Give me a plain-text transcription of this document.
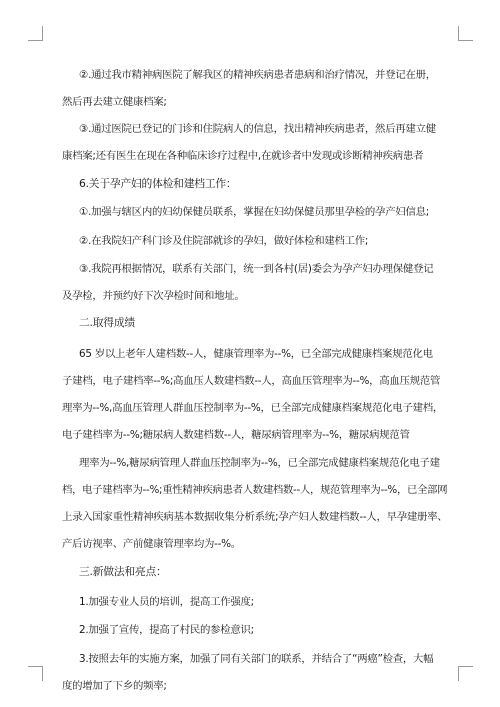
②.通过我市精神病医院了解我区的精神疾病患者患病和治疗情况，并登记在册，
然后再去建立健康档案;
③.通过医院已登记的门诊和住院病人的信息，找出精神疾病患者，然后再建立健
康档案;还有医生在现在各种临床诊疗过程中,在就诊者中发现或诊断精神疾病患者
6.关于孕产妇的体检和建档工作：
①.加强与辖区内的妇幼保健员联系，掌握在妇幼保健员那里孕检的孕产妇信息;
②.在我院妇产科门诊及住院部就诊的孕妇，做好体检和建档工作;
③.我院再根据情况，联系有关部门，统一到各村(居)委会为孕产妇办理保健登记
及孕检，并预约好下次孕检时间和地址。
二.取得成绩
65 岁以上老年人建档数--人，健康管理率为--%，已全部完成健康档案规范化电
子建档，电子建档率--%;高血压人数建档数--人，高血压管理率为--%，高血压规范管
理率为--%,高血压管理人群血压控制率为--%，已全部完成健康档案规范化电子建档，
电子建档率为--%;糖尿病人数建档数--人，糖尿病管理率为--%，糖尿病规范管
理率为--%,糖尿病管理人群血压控制率为--%，已全部完成健康档案规范化电子建
档，电子建档率为--%;重性精神疾病患者人数建档数--人，规范管理率为--%，已全部网
上录入国家重性精神疾病基本数据收集分析系统;孕产妇人数建档数--人，早孕建册率、
产后访视率、产前健康管理率均为--%。
三.新做法和亮点：
1.加强专业人员的培训，提高工作强度;
2.加强了宣传，提高了村民的参检意识;
3.按照去年的实施方案，加强了同有关部门的联系，并结合了“两癌”检查，大幅
度的增加了下乡的频率;
